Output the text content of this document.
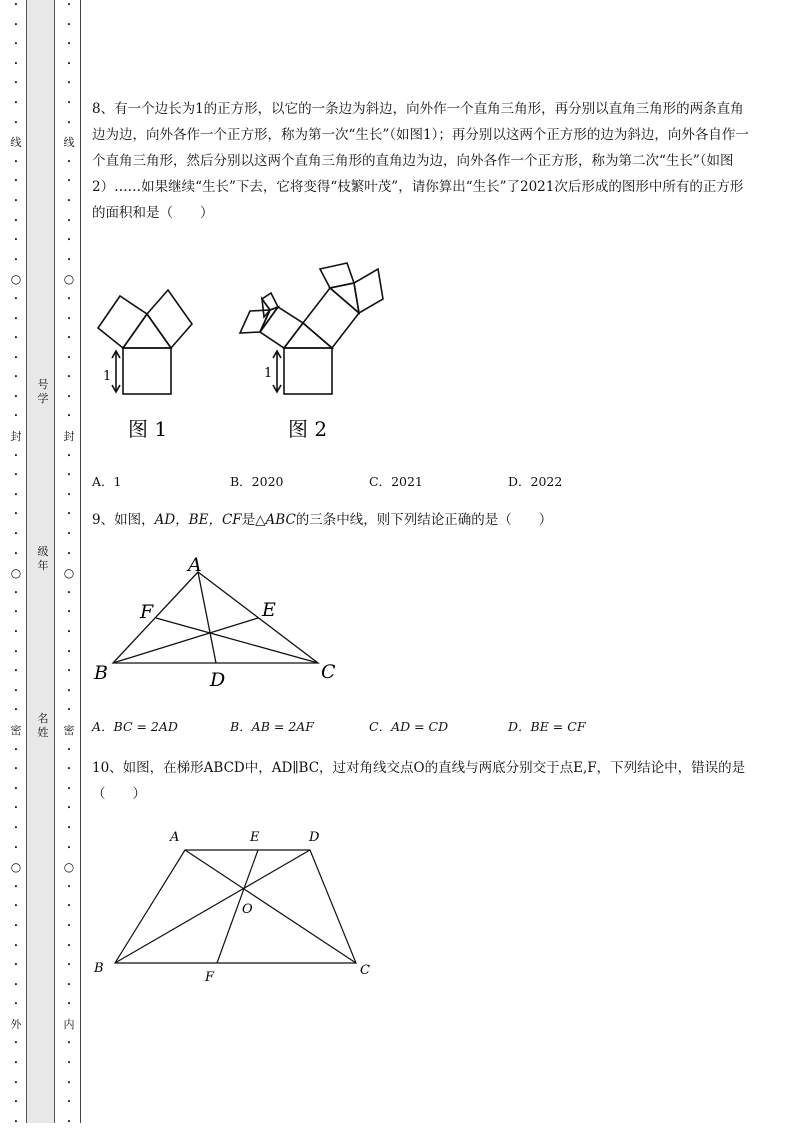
•
•
•
•
•
•
•
线
•
•
•
•
•
•
○
•
•
•
•
•
•
•
封
•
•
•
•
•
•
○
•
•
•
•
•
•
•
密
•
•
•
•
•
•
○
•
•
•
•
•
•
•
外
•
•
•
•
•
•
•
•
•
•
•
•
线
•
•
•
•
•
•
○
•
•
•
•
•
•
•
封
•
•
•
•
•
•
○
•
•
•
•
•
•
•
密
•
•
•
•
•
•
○
•
•
•
•
•
•
•
内
•
•
•
•
•
号学
级年
名姓
8、有一个边长为1的正方形，以它的一条边为斜边，向外作一个直角三角形，再分别以直角三角形的两条直角边为边，向外各作一个正方形，称为第一次“生长”（如图1）；再分别以这两个正方形的边为斜边，向外各自作一个直角三角形，然后分别以这两个直角三角形的直角边为边，向外各作一个正方形，称为第二次“生长”（如图2）……如果继续“生长”下去，它将变得“枝繁叶茂”，请你算出“生长”了2021次后形成的图形中所有的正方形的面积和是（　　）
1	1
图 1	图 2
A．1	B．2020	C．2021	D．2022
9、如图，AD，BE，CF是△ABC的三条中线，则下列结论正确的是（　　）
A
B	C
D
E
F
A．BC = 2AD	B．AB = 2AF	C．AD = CD	D．BE = CF
10、如图，在梯形ABCD中，AD∥BC，过对角线交点O的直线与两底分别交于点E,F，下列结论中，错误的是（　　）
A	E	D
O
B
F	C
